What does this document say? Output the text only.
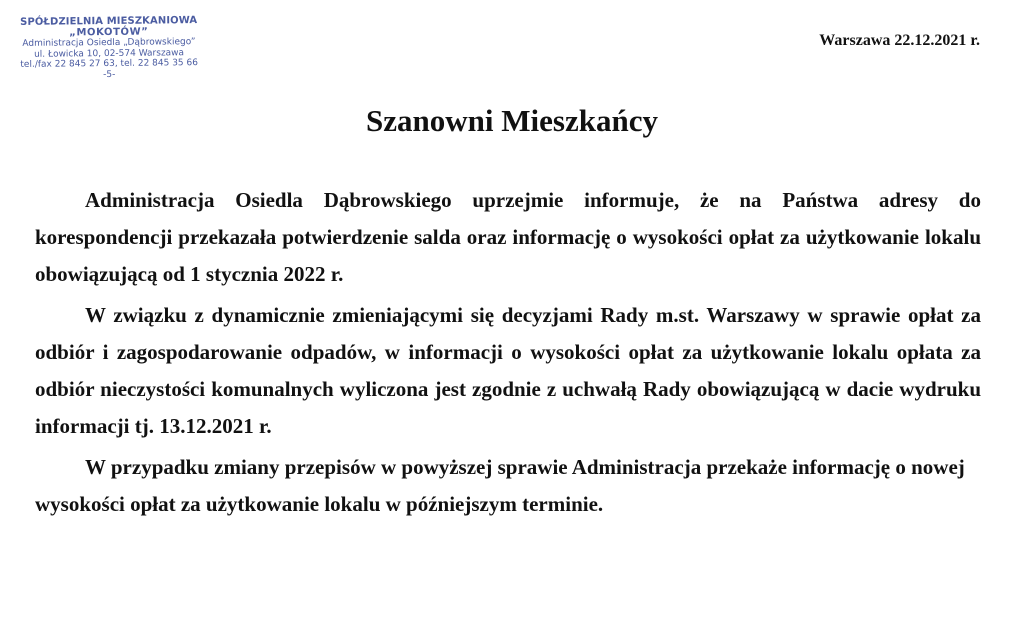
SPÓŁDZIELNIA MIESZKANIOWA
„MOKOTÓW”
Administracja Osiedla „Dąbrowskiego”
ul. Łowicka 10, 02-574 Warszawa
tel./fax 22 845 27 63, tel. 22 845 35 66
-5-
Warszawa 22.12.2021 r.
Szanowni Mieszkańcy

Administracja Osiedla Dąbrowskiego uprzejmie informuje, że na Państwa adresy do korespondencji przekazała potwierdzenie salda oraz informację o wysokości opłat za użytkowanie lokalu obowiązującą od 1 stycznia 2022 r.

W związku z dynamicznie zmieniającymi się decyzjami Rady m.st. Warszawy w sprawie opłat za odbiór i zagospodarowanie odpadów, w informacji o wysokości opłat za użytkowanie lokalu opłata za odbiór nieczystości komunalnych wyliczona jest zgodnie z uchwałą Rady obowiązującą w dacie wydruku informacji tj. 13.12.2021 r.

W przypadku zmiany przepisów w powyższej sprawie Administracja przekaże informację o nowej wysokości opłat za użytkowanie lokalu w późniejszym terminie.
